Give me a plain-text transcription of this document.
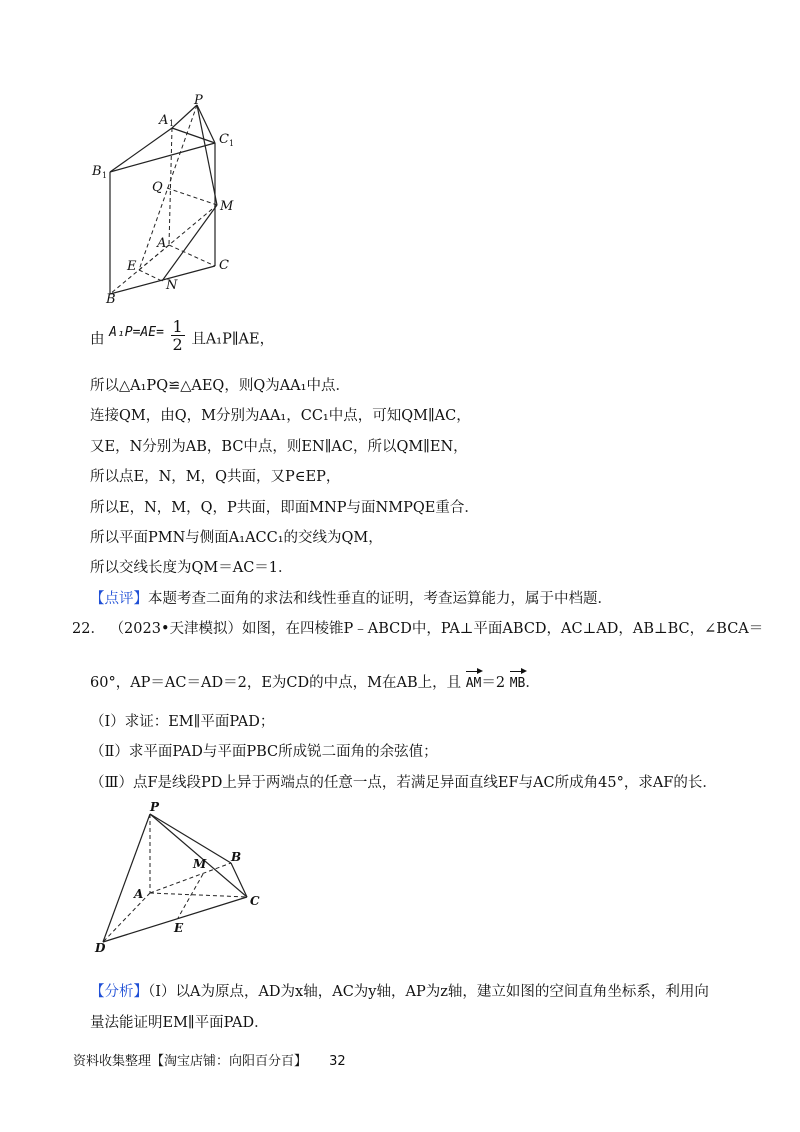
P
A 1
C 1
B 1
Q
M
A
C
E
N
B
由 $A_1P=AE= \frac{1}{2}$ 且A₁P∥AE，
所以△A₁PQ≌△AEQ，则Q为AA₁中点．
连接QM，由Q，M分别为AA₁，CC₁中点，可知QM∥AC，
又E，N分别为AB，BC中点，则EN∥AC，所以QM∥EN，
所以点E，N，M，Q共面，又P∈EP，
所以E，N，M，Q，P共面，即面MNP与面NMPQE重合．
所以平面PMN与侧面A₁ACC₁的交线为QM，
所以交线长度为QM＝AC＝1．
【点评】本题考查二面角的求法和线性垂直的证明，考查运算能力，属于中档题．
22． （2023•天津模拟）如图，在四棱锥P﹣ABCD中，PA⊥平面ABCD，AC⊥AD，AB⊥BC，∠BCA＝
60°，AP＝AC＝AD＝2，E为CD的中点，M在AB上，且 AM＝2 MB．
（Ⅰ）求证：EM∥平面PAD；
（Ⅱ）求平面PAD与平面PBC所成锐二面角的余弦值；
（Ⅲ）点F是线段PD上异于两端点的任意一点，若满足异面直线EF与AC所成角45°，求AF的长．
P
M B
A	C
E
D
【分析】（Ⅰ）以A为原点，AD为x轴，AC为y轴，AP为z轴，建立如图的空间直角坐标系，利用向
量法能证明EM∥平面PAD．
资料收集整理【淘宝店铺：向阳百分百】 32
